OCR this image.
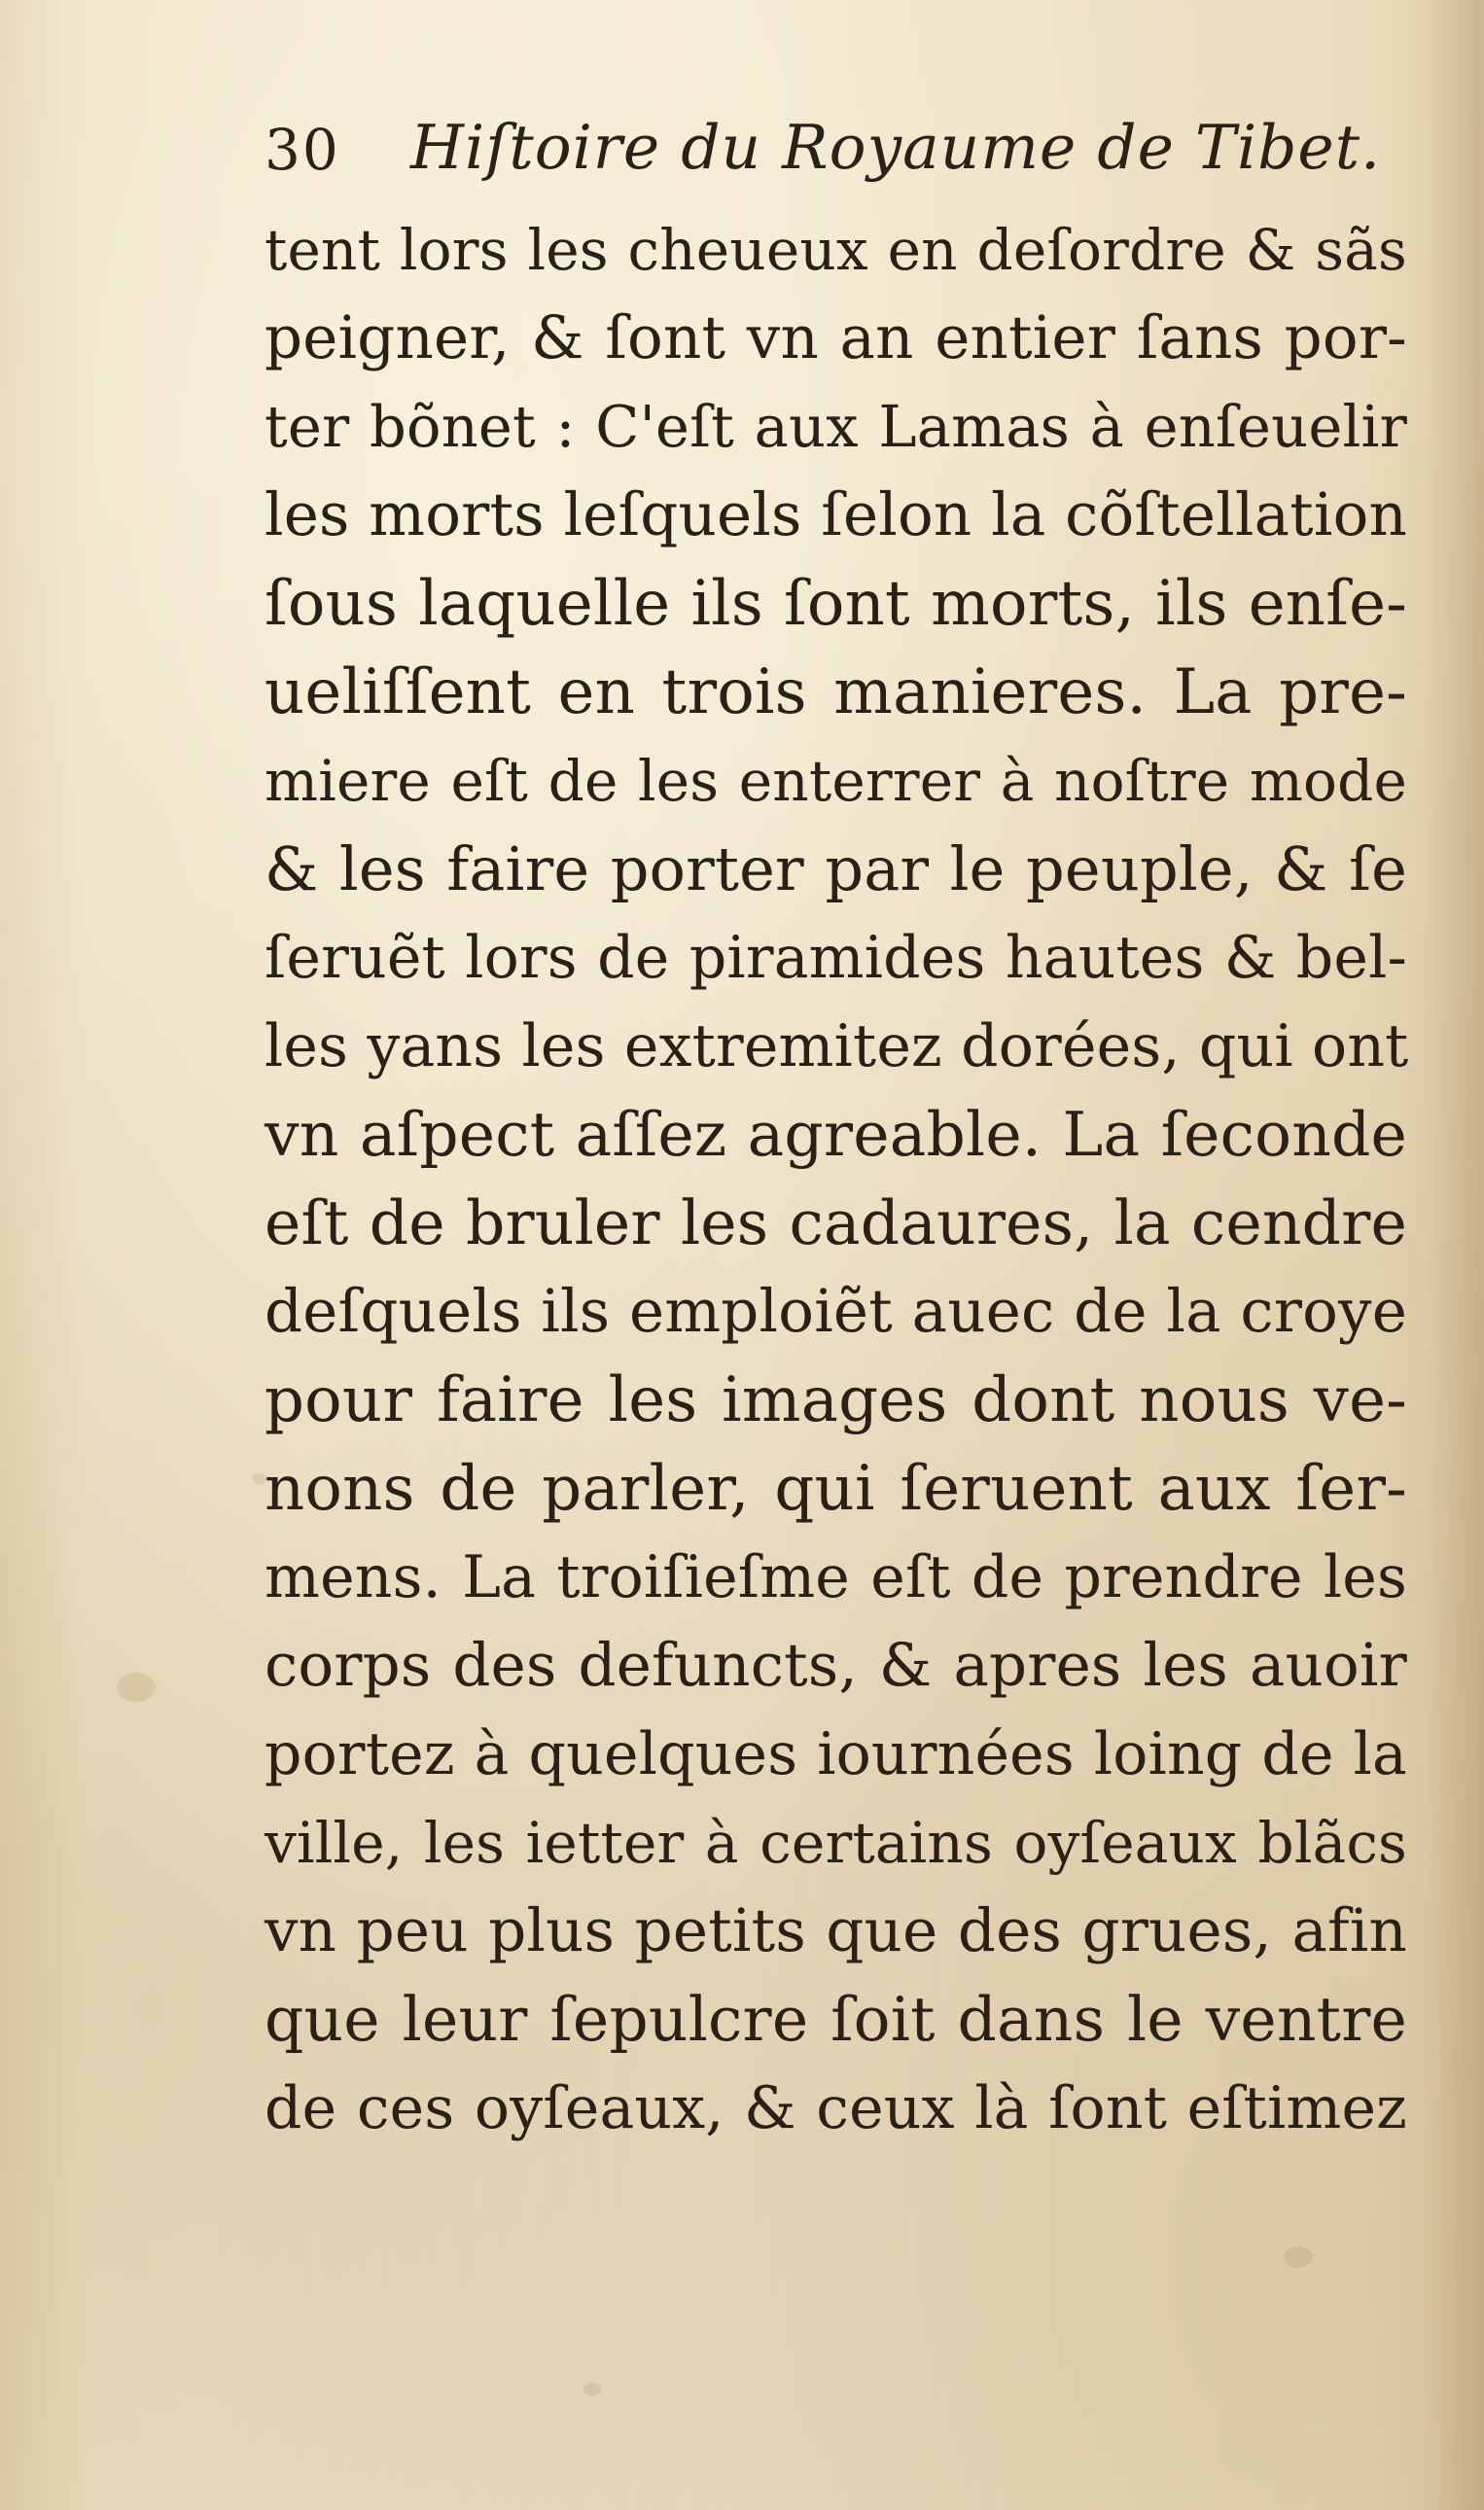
30 Hiſtoire du Royaume de Tibet.
tent lors les cheueux en deſordre & sãs
peigner, & ſont vn an entier ſans por-
ter bõnet : C'eſt aux Lamas à enſeuelir
les morts leſquels ſelon la cõſtellation
ſous laquelle ils ſont morts, ils enſe-
ueliſſent en trois manieres. La pre-
miere eſt de les enterrer à noſtre mode
& les faire porter par le peuple, & ſe
ſeruẽt lors de piramides hautes & bel-
les yans les extremitez dorées, qui ont
vn aſpect aſſez agreable. La ſeconde
eſt de bruler les cadaures, la cendre
deſquels ils emploiẽt auec de la croye
pour faire les images dont nous ve-
nons de parler, qui ſeruent aux ſer-
mens. La troiſieſme eſt de prendre les
corps des defuncts, & apres les auoir
portez à quelques iournées loing de la
ville, les ietter à certains oyſeaux blãcs
vn peu plus petits que des grues, afin
que leur ſepulcre ſoit dans le ventre
de ces oyſeaux, & ceux là ſont eſtimez
